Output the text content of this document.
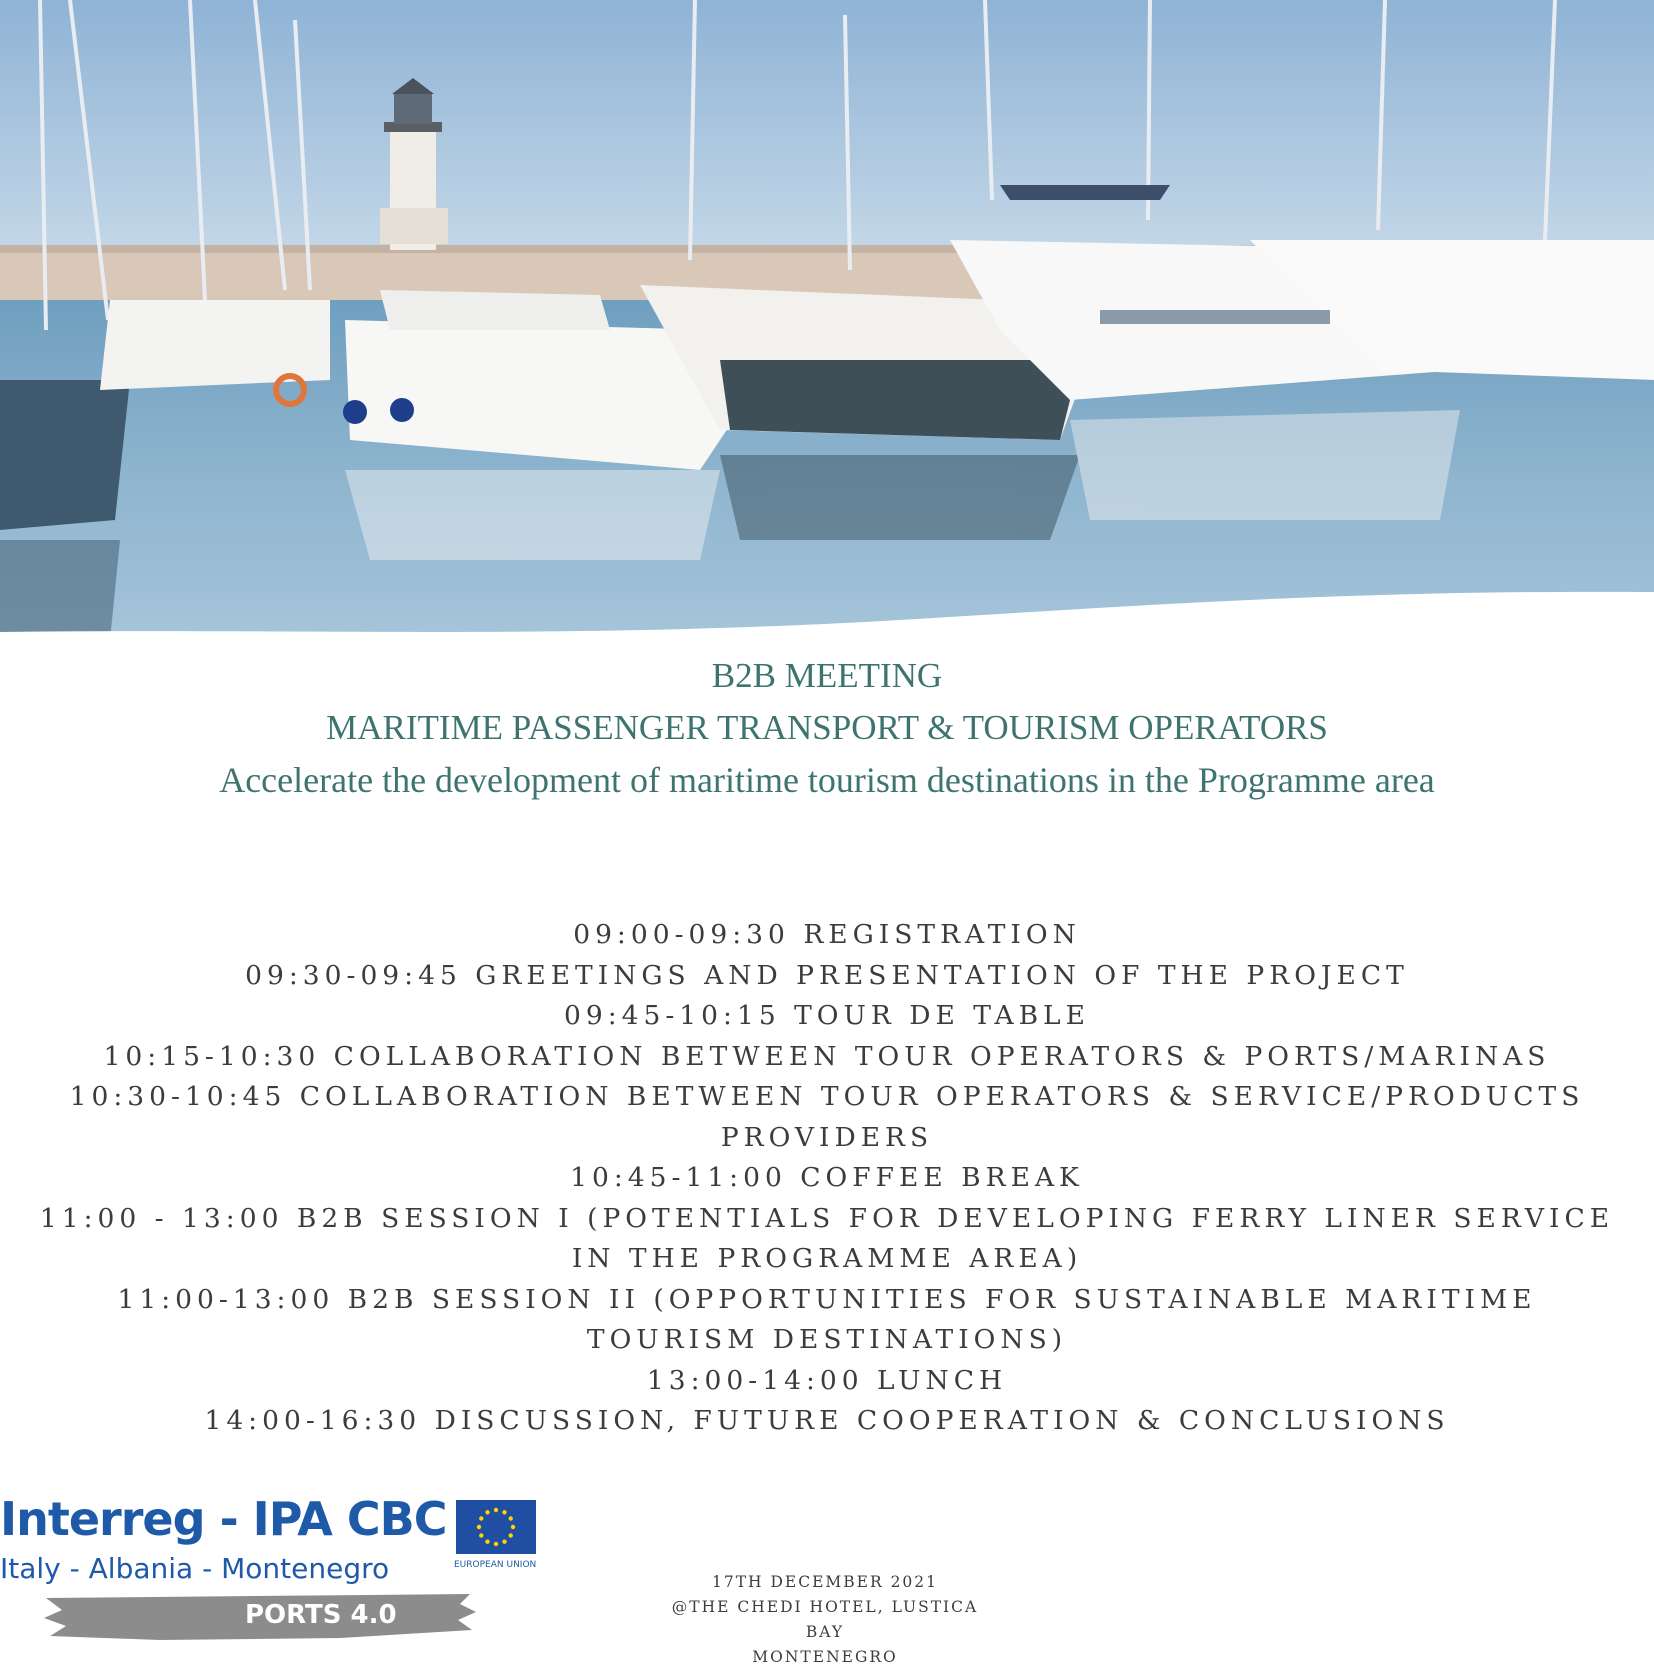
B2B MEETING
MARITIME PASSENGER TRANSPORT & TOURISM OPERATORS
Accelerate the development of maritime tourism destinations in the Programme area
09:00-09:30 REGISTRATION
09:30-09:45 GREETINGS AND PRESENTATION OF THE PROJECT
09:45-10:15 TOUR DE TABLE
10:15-10:30 COLLABORATION BETWEEN TOUR OPERATORS & PORTS/MARINAS
10:30-10:45 COLLABORATION BETWEEN TOUR OPERATORS & SERVICE/PRODUCTS PROVIDERS
10:45-11:00 COFFEE BREAK
11:00 - 13:00 B2B SESSION I (POTENTIALS FOR DEVELOPING FERRY LINER SERVICE IN THE PROGRAMME AREA)
11:00-13:00 B2B SESSION II (OPPORTUNITIES FOR SUSTAINABLE MARITIME TOURISM DESTINATIONS)
13:00-14:00 LUNCH
14:00-16:30 DISCUSSION, FUTURE COOPERATION & CONCLUSIONS
Interreg - IPA CBC
Italy - Albania - Montenegro	EUROPEAN UNION
PORTS 4.0
17TH DECEMBER 2021
@THE CHEDI HOTEL, LUSTICA BAY
MONTENEGRO
